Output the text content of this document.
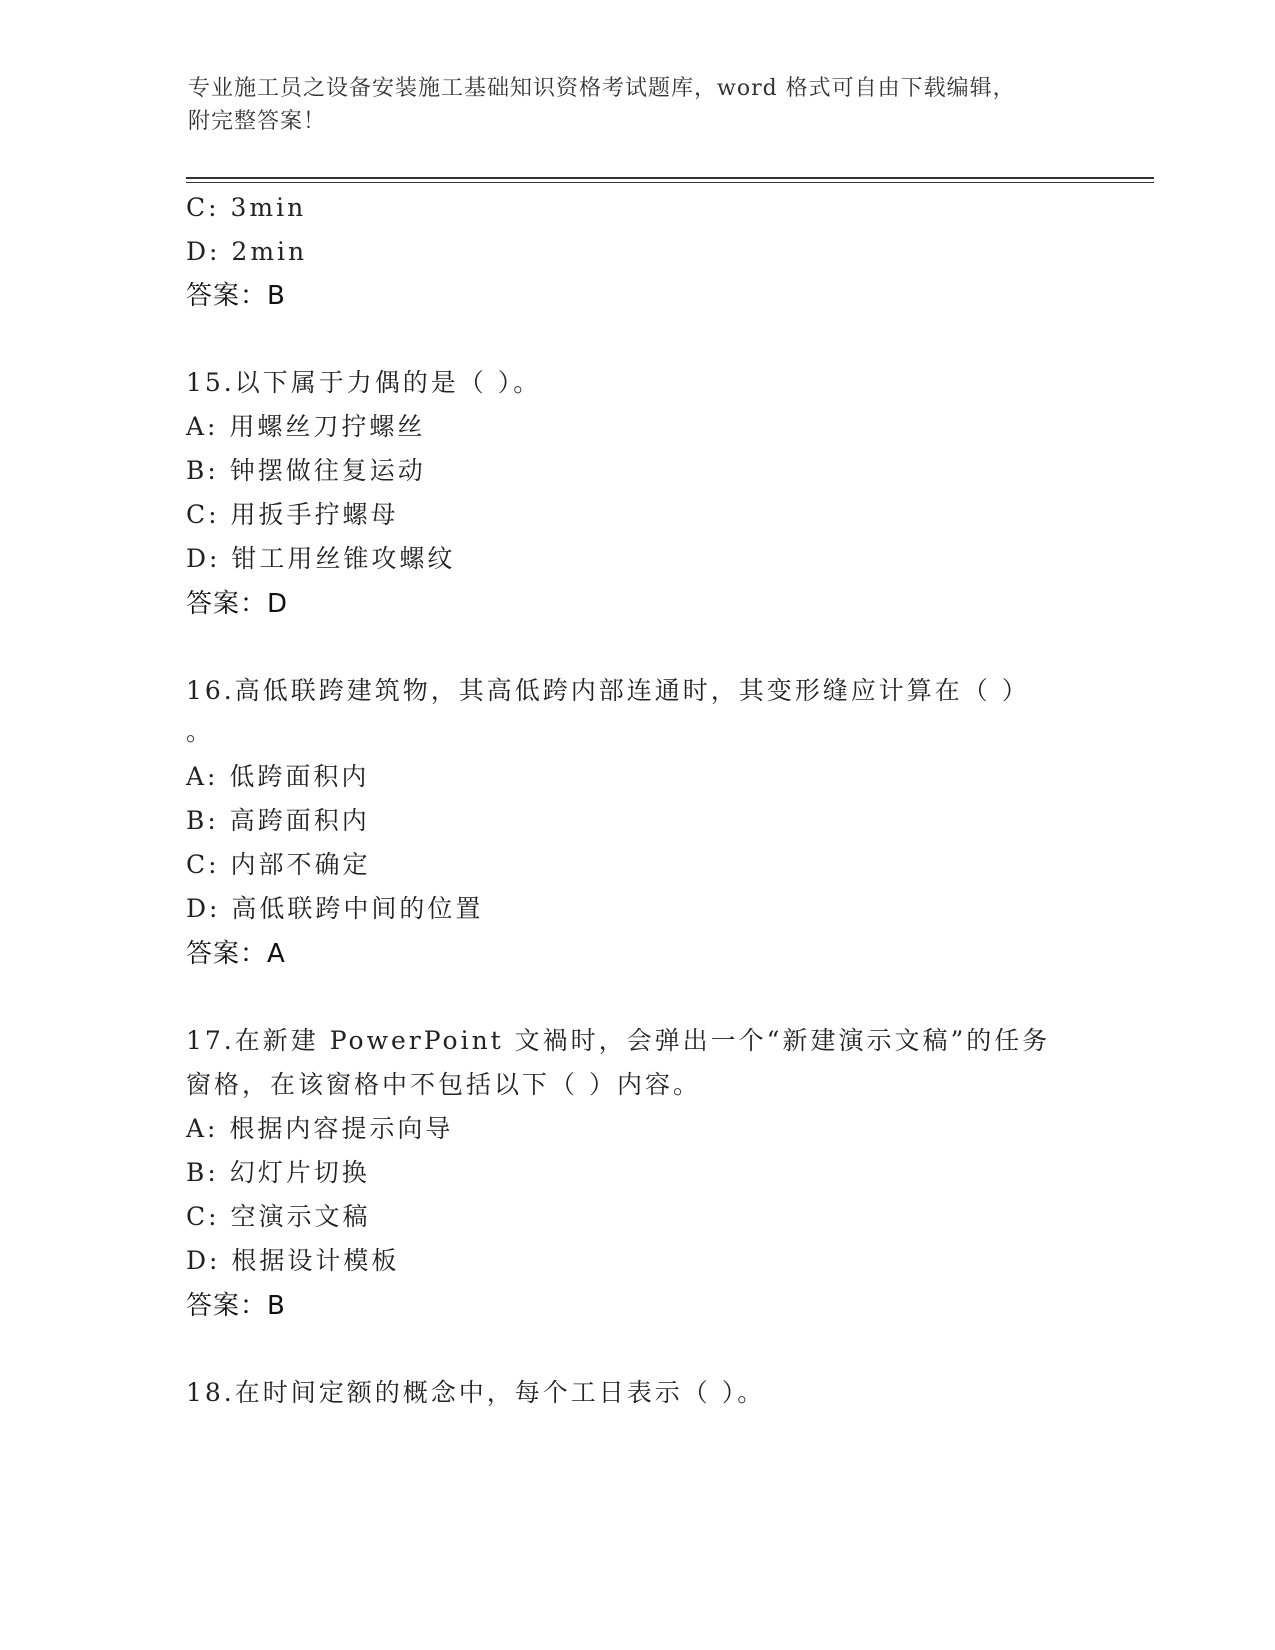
专业施工员之设备安装施工基础知识资格考试题库，word 格式可自由下载编辑，
附完整答案！
C: 3min
D: 2min
答案：B
15.以下属于力偶的是（ ）。
A: 用螺丝刀拧螺丝
B: 钟摆做往复运动
C: 用扳手拧螺母
D: 钳工用丝锥攻螺纹
答案：D
16.高低联跨建筑物，其高低跨内部连通时，其变形缝应计算在（ ）
。
A: 低跨面积内
B: 高跨面积内
C: 内部不确定
D: 高低联跨中间的位置
答案：A
17.在新建 PowerPoint 文禍时，会弹出一个“新建演示文稿”的任务
窗格，在该窗格中不包括以下（ ）内容。
A: 根据内容提示向导
B: 幻灯片切换
C: 空演示文稿
D: 根据设计模板
答案：B
18.在时间定额的概念中，每个工日表示（ ）。
